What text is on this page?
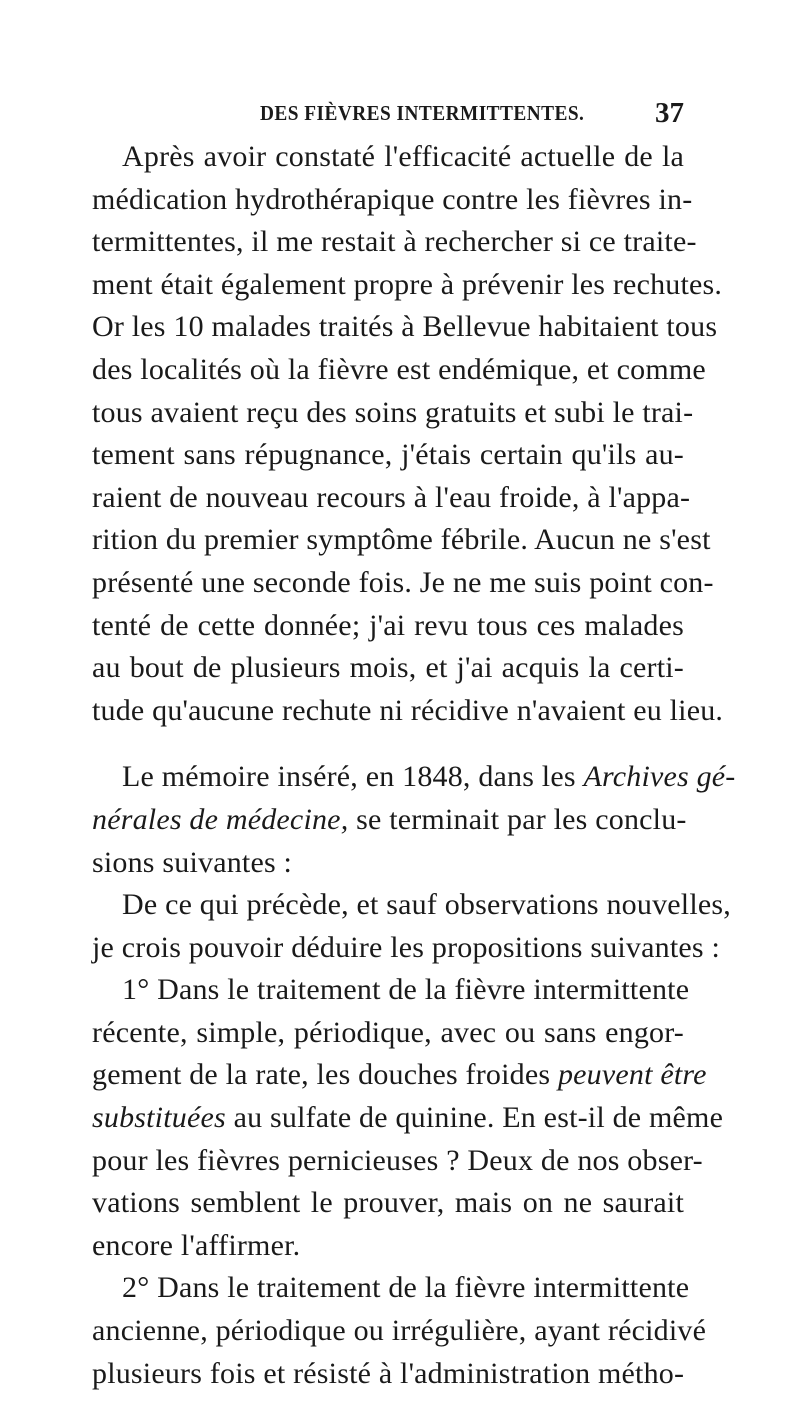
DES FIÈVRES INTERMITTENTES. 37
Après avoir constaté l'efficacité actuelle de la
médication hydrothérapique contre les fièvres in-
termittentes, il me restait à rechercher si ce traite-
ment était également propre à prévenir les rechutes.
Or les 10 malades traités à Bellevue habitaient tous
des localités où la fièvre est endémique, et comme
tous avaient reçu des soins gratuits et subi le trai-
tement sans répugnance, j'étais certain qu'ils au-
raient de nouveau recours à l'eau froide, à l'appa-
rition du premier symptôme fébrile. Aucun ne s'est
présenté une seconde fois. Je ne me suis point con-
tenté de cette donnée; j'ai revu tous ces malades
au bout de plusieurs mois, et j'ai acquis la certi-
tude qu'aucune rechute ni récidive n'avaient eu lieu.
Le mémoire inséré, en 1848, dans les Archives gé-
nérales de médecine, se terminait par les conclu-
sions suivantes :
De ce qui précède, et sauf observations nouvelles,
je crois pouvoir déduire les propositions suivantes :
1° Dans le traitement de la fièvre intermittente
récente, simple, périodique, avec ou sans engor-
gement de la rate, les douches froides peuvent être
substituées au sulfate de quinine. En est-il de même
pour les fièvres pernicieuses ? Deux de nos obser-
vations semblent le prouver, mais on ne saurait
encore l'affirmer.
2° Dans le traitement de la fièvre intermittente
ancienne, périodique ou irrégulière, ayant récidivé
plusieurs fois et résisté à l'administration métho-
